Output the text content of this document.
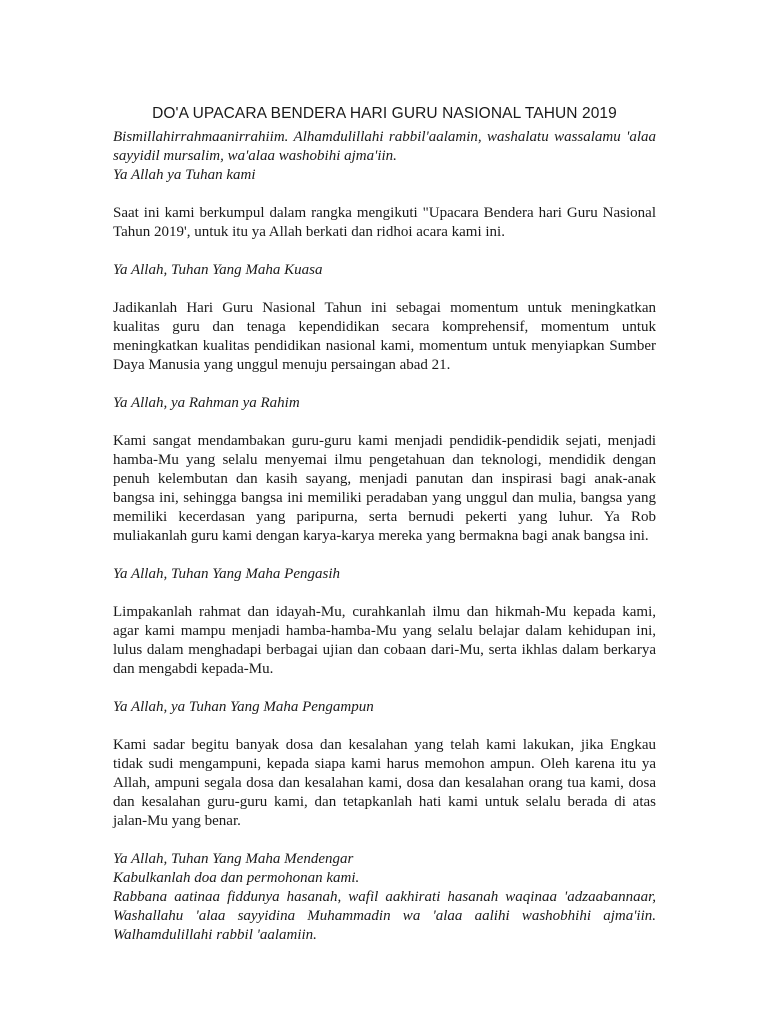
DO'A UPACARA BENDERA HARI GURU NASIONAL TAHUN 2019
Bismillahirrahmaanirrahiim. Alhamdulillahi rabbil'aalamin, washalatu wassalamu 'alaa
sayyidil mursalim, wa'alaa washobihi ajma'iin.
Ya Allah ya Tuhan kami
Saat ini kami berkumpul dalam rangka mengikuti "Upacara Bendera hari Guru Nasional
Tahun 2019', untuk itu ya Allah berkati dan ridhoi acara kami ini.
Ya Allah, Tuhan Yang Maha Kuasa
Jadikanlah Hari Guru Nasional Tahun ini sebagai momentum untuk meningkatkan
kualitas guru dan tenaga kependidikan secara komprehensif, momentum untuk
meningkatkan kualitas pendidikan nasional kami, momentum untuk menyiapkan Sumber
Daya Manusia yang unggul menuju persaingan abad 21.
Ya Allah, ya Rahman ya Rahim
Kami sangat mendambakan guru-guru kami menjadi pendidik-pendidik sejati, menjadi
hamba-Mu yang selalu menyemai ilmu pengetahuan dan teknologi, mendidik dengan
penuh kelembutan dan kasih sayang, menjadi panutan dan inspirasi bagi anak-anak
bangsa ini, sehingga bangsa ini memiliki peradaban yang unggul dan mulia, bangsa yang
memiliki kecerdasan yang paripurna, serta bernudi pekerti yang luhur. Ya Rob
muliakanlah guru kami dengan karya-karya mereka yang bermakna bagi anak bangsa ini.
Ya Allah, Tuhan Yang Maha Pengasih
Limpakanlah rahmat dan idayah-Mu, curahkanlah ilmu dan hikmah-Mu kepada kami,
agar kami mampu menjadi hamba-hamba-Mu yang selalu belajar dalam kehidupan ini,
lulus dalam menghadapi berbagai ujian dan cobaan dari-Mu, serta ikhlas dalam berkarya
dan mengabdi kepada-Mu.
Ya Allah, ya Tuhan Yang Maha Pengampun
Kami sadar begitu banyak dosa dan kesalahan yang telah kami lakukan, jika Engkau
tidak sudi mengampuni, kepada siapa kami harus memohon ampun. Oleh karena itu ya
Allah, ampuni segala dosa dan kesalahan kami, dosa dan kesalahan orang tua kami, dosa
dan kesalahan guru-guru kami, dan tetapkanlah hati kami untuk selalu berada di atas
jalan-Mu yang benar.
Ya Allah, Tuhan Yang Maha Mendengar
Kabulkanlah doa dan permohonan kami.
Rabbana aatinaa fiddunya hasanah, wafil aakhirati hasanah waqinaa 'adzaabannaar,
Washallahu 'alaa sayyidina Muhammadin wa 'alaa aalihi washobhihi ajma'iin.
Walhamdulillahi rabbil 'aalamiin.
